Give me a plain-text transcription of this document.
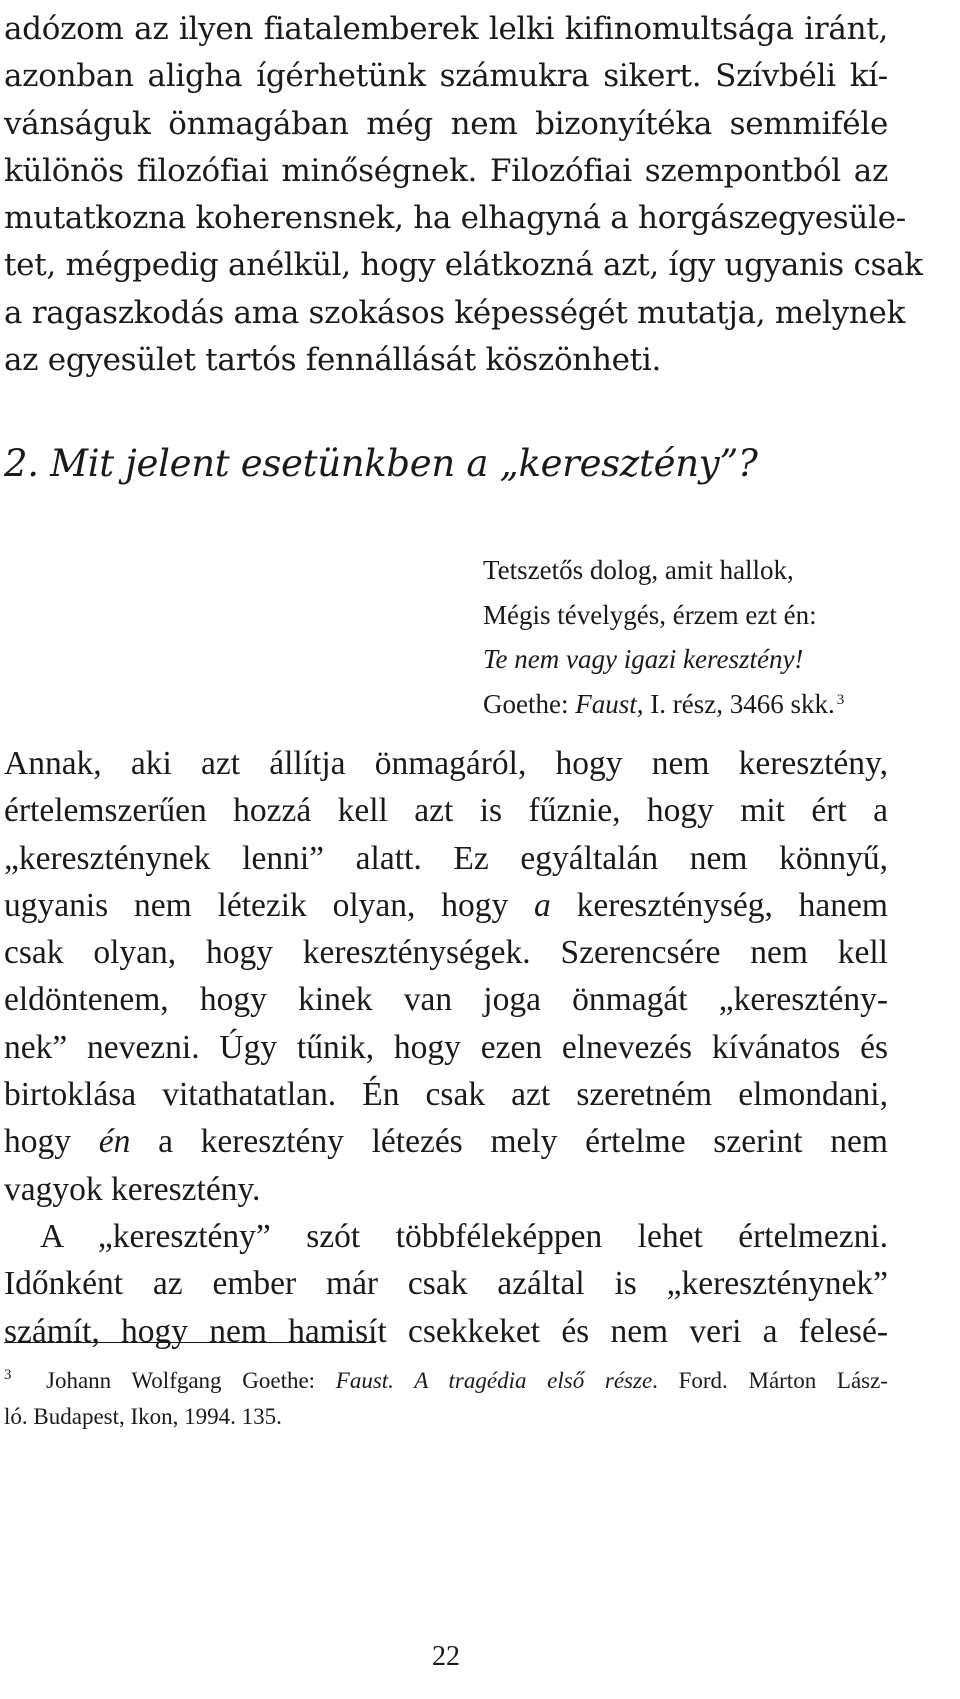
adózom az ilyen fiatalemberek lelki kifinomultsága iránt,
azonban aligha ígérhetünk számukra sikert. Szívbéli kí-
vánságuk önmagában még nem bizonyítéka semmiféle
különös filozófiai minőségnek. Filozófiai szempontból az
mutatkozna koherensnek, ha elhagyná a horgászegyesüle-
tet, mégpedig anélkül, hogy elátkozná azt, így ugyanis csak
a ragaszkodás ama szokásos képességét mutatja, melynek
az egyesület tartós fennállását köszönheti.
2. Mit jelent esetünkben a „keresztény”?
Tetszetős dolog, amit hallok,
Mégis tévelygés, érzem ezt én:
Te nem vagy igazi keresztény!
Goethe: Faust, I. rész, 3466 skk. $^3$
Annak, aki azt állítja önmagáról, hogy nem keresztény,
értelemszerűen hozzá kell azt is fűznie, hogy mit ért a
„kereszténynek lenni” alatt. Ez egyáltalán nem könnyű,
ugyanis nem létezik olyan, hogy a kereszténység, hanem
csak olyan, hogy kereszténységek. Szerencsére nem kell
eldöntenem, hogy kinek van joga önmagát „keresztény-
nek” nevezni. Úgy tűnik, hogy ezen elnevezés kívánatos és
birtoklása vitathatatlan. Én csak azt szeretném elmondani,
hogy én a keresztény létezés mely értelme szerint nem
vagyok keresztény.
A „keresztény” szót többféleképpen lehet értelmezni.
Időnként az ember már csak azáltal is „kereszténynek”
számít, hogy nem hamisít csekkeket és nem veri a felesé-
3 Johann Wolfgang Goethe: Faust. A tragédia első része. Ford. Márton Lász-
ló. Budapest, Ikon, 1994. 135.
22
